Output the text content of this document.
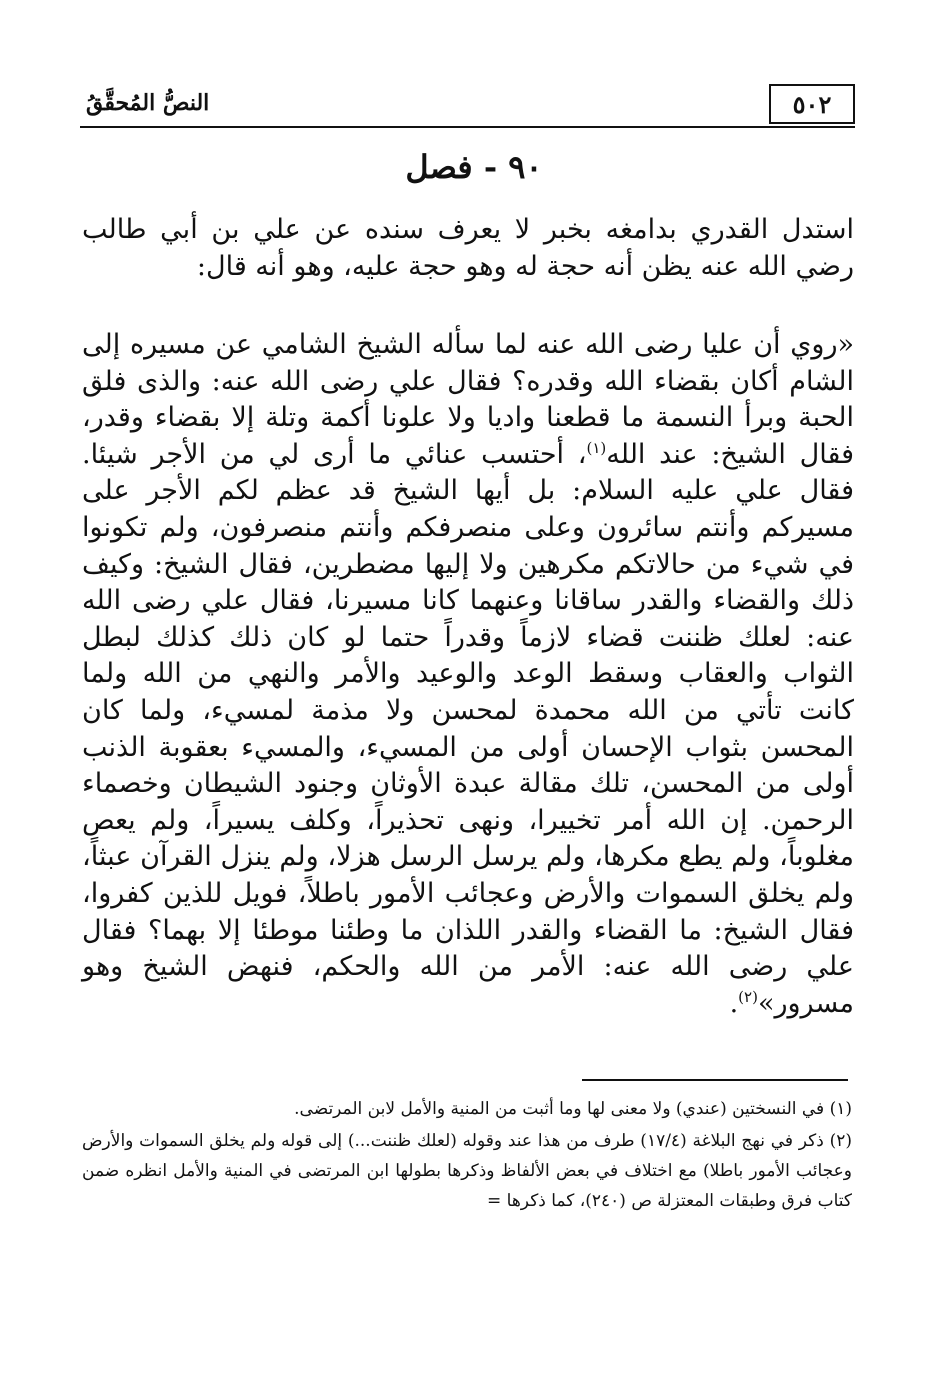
٥٠٢
النصُّ المُحقَّقُ
٩٠ - فصل

استدل القدري بدامغه بخبر لا يعرف سنده عن علي بن أبي طالب رضي الله عنه يظن أنه حجة له وهو حجة عليه، وهو أنه قال:

«روي أن عليا رضى الله عنه لما سأله الشيخ الشامي عن مسيره إلى الشام أكان بقضاء الله وقدره؟ فقال علي رضى الله عنه: والذى فلق الحبة وبرأ النسمة ما قطعنا واديا ولا علونا أكمة وتلة إلا بقضاء وقدر، فقال الشيخ: عند الله$^{(١)}$، أحتسب عنائي ما أرى لي من الأجر شيئا. فقال علي عليه السلام: بل أيها الشيخ قد عظم لكم الأجر على مسيركم وأنتم سائرون وعلى منصرفكم وأنتم منصرفون، ولم تكونوا في شيء من حالاتكم مكرهين ولا إليها مضطرين، فقال الشيخ: وكيف ذلك والقضاء والقدر ساقانا وعنهما كانا مسيرنا، فقال علي رضى الله عنه: لعلك ظننت قضاء لازماً وقدراً حتما لو كان ذلك كذلك لبطل الثواب والعقاب وسقط الوعد والوعيد والأمر والنهي من الله ولما كانت تأتي من الله محمدة لمحسن ولا مذمة لمسيء، ولما كان المحسن بثواب الإحسان أولى من المسيء، والمسيء بعقوبة الذنب أولى من المحسن، تلك مقالة عبدة الأوثان وجنود الشيطان وخصماء الرحمن. إن الله أمر تخييرا، ونهى تحذيراً، وكلف يسيراً، ولم يعص مغلوباً، ولم يطع مكرها، ولم يرسل الرسل هزلا، ولم ينزل القرآن عبثاً، ولم يخلق السموات والأرض وعجائب الأمور باطلاً، فويل للذين كفروا، فقال الشيخ: ما القضاء والقدر اللذان ما وطئنا موطئا إلا بهما؟ فقال علي رضى الله عنه: الأمر من الله والحكم، فنهض الشيخ وهو مسرور»$^{(٢)}$.

(١) في النسختين (عندي) ولا معنى لها وما أثبت من المنية والأمل لابن المرتضى.

(٢) ذكر في نهج البلاغة (١٧/٤) طرف من هذا عند وقوله (لعلك ظننت...) إلى قوله ولم يخلق السموات والأرض وعجائب الأمور باطلا) مع اختلاف في بعض الألفاظ وذكرها بطولها ابن المرتضى في المنية والأمل انظره ضمن كتاب فرق وطبقات المعتزلة ص (٢٤٠)، كما ذكرها =
